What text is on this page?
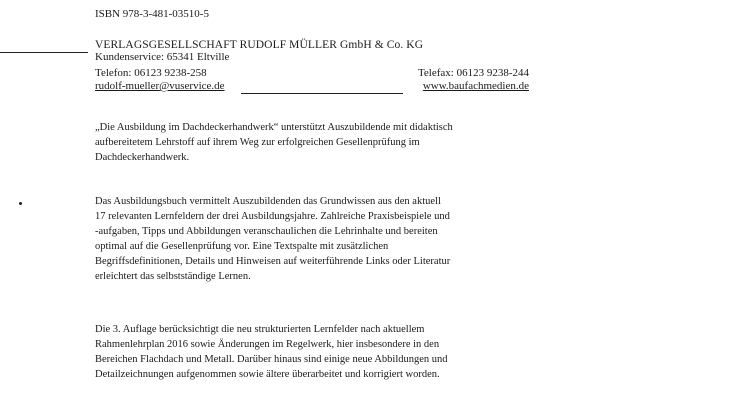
ISBN 978-3-481-03510-5
VERLAGSGESELLSCHAFT RUDOLF MÜLLER GmbH & Co. KG
Kundenservice: 65341 Eltville
Telefon: 06123 9238-258	Telefax: 06123 9238-244
rudolf-mueller@vuservice.de	www.baufachmedien.de
„Die Ausbildung im Dachdeckerhandwerk“ unterstützt Auszubildende mit didaktisch
aufbereitetem Lehrstoff auf ihrem Weg zur erfolgreichen Gesellenprüfung im
Dachdeckerhandwerk.
Das Ausbildungsbuch vermittelt Auszubildenden das Grundwissen aus den aktuell
17 relevanten Lernfeldern der drei Ausbildungsjahre. Zahlreiche Praxisbeispiele und
-aufgaben, Tipps und Abbildungen veranschaulichen die Lehrinhalte und bereiten
optimal auf die Gesellenprüfung vor. Eine Textspalte mit zusätzlichen
Begriffsdefinitionen, Details und Hinweisen auf weiterführende Links oder Literatur
erleichtert das selbstständige Lernen.
Die 3. Auflage berücksichtigt die neu strukturierten Lernfelder nach aktuellem
Rahmenlehrplan 2016 sowie Änderungen im Regelwerk, hier insbesondere in den
Bereichen Flachdach und Metall. Darüber hinaus sind einige neue Abbildungen und
Detailzeichnungen aufgenommen sowie ältere überarbeitet und korrigiert worden.
